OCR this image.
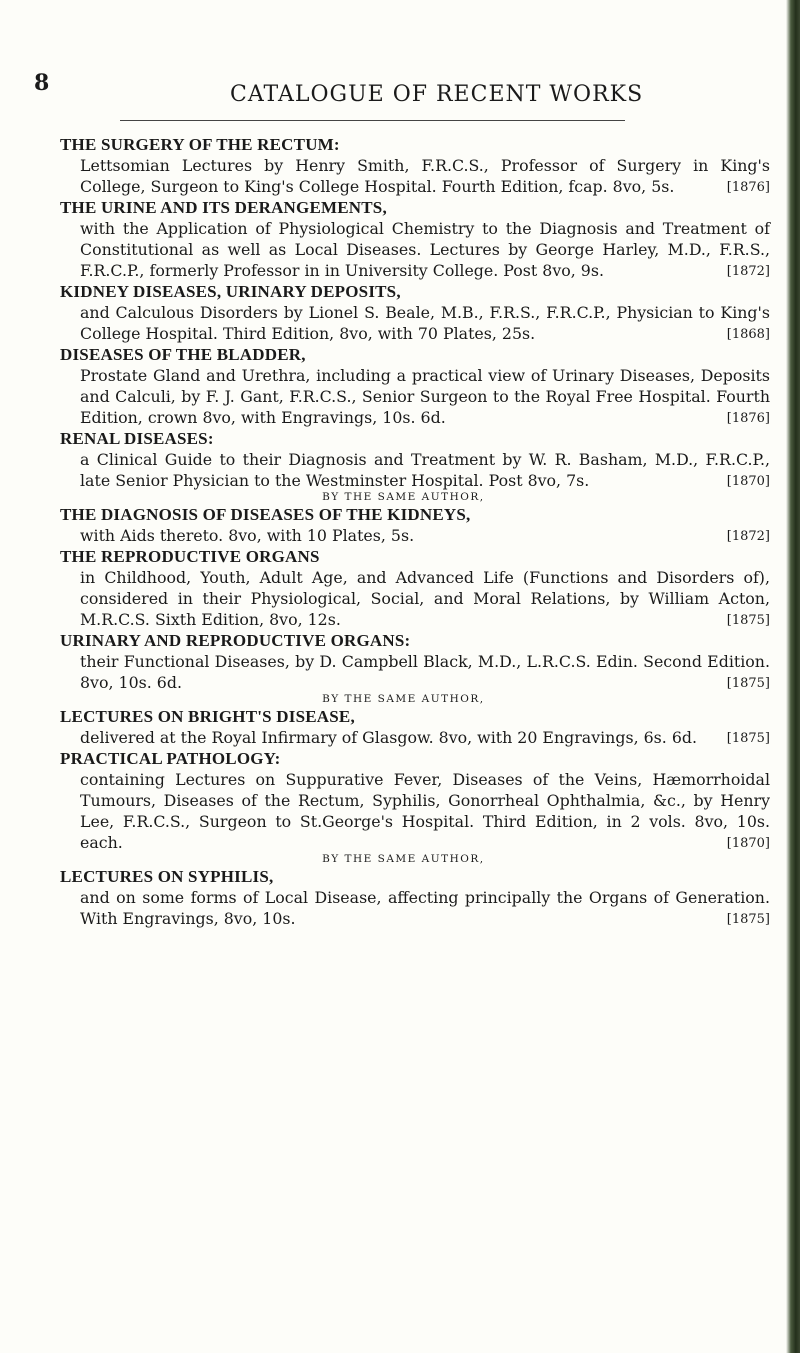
8	CATALOGUE OF RECENT WORKS
THE SURGERY OF THE RECTUM:
Lettsomian Lectures by Henry Smith, F.R.C.S., Professor of Surgery in King's College, Surgeon to King's College Hospital. Fourth Edition, fcap. 8vo, 5s.	[1876]
THE URINE AND ITS DERANGEMENTS,
with the Application of Physiological Chemistry to the Diagnosis and Treatment of Constitutional as well as Local Diseases. Lectures by George Harley, M.D., F.R.S., F.R.C.P., formerly Professor in in University College. Post 8vo, 9s.	[1872]
KIDNEY DISEASES, URINARY DEPOSITS,
and Calculous Disorders by Lionel S. Beale, M.B., F.R.S., F.R.C.P., Physician to King's College Hospital. Third Edition, 8vo, with 70 Plates, 25s.	[1868]
DISEASES OF THE BLADDER,
Prostate Gland and Urethra, including a practical view of Urinary Diseases, Deposits and Calculi, by F. J. Gant, F.R.C.S., Senior Surgeon to the Royal Free Hospital. Fourth Edition, crown 8vo, with Engravings, 10s. 6d.	[1876]
RENAL DISEASES:
a Clinical Guide to their Diagnosis and Treatment by W. R. Basham, M.D., F.R.C.P., late Senior Physician to the Westminster Hospital. Post 8vo, 7s.	[1870]
BY THE SAME AUTHOR,
THE DIAGNOSIS OF DISEASES OF THE KIDNEYS,
with Aids thereto. 8vo, with 10 Plates, 5s.	[1872]
THE REPRODUCTIVE ORGANS
in Childhood, Youth, Adult Age, and Advanced Life (Functions and Disorders of), considered in their Physiological, Social, and Moral Relations, by William Acton, M.R.C.S. Sixth Edition, 8vo, 12s.	[1875]
URINARY AND REPRODUCTIVE ORGANS:
their Functional Diseases, by D. Campbell Black, M.D., L.R.C.S. Edin. Second Edition. 8vo, 10s. 6d.	[1875]
BY THE SAME AUTHOR,
LECTURES ON BRIGHT'S DISEASE,
delivered at the Royal Infirmary of Glasgow. 8vo, with 20 Engravings, 6s. 6d. [1875]
PRACTICAL PATHOLOGY:
containing Lectures on Suppurative Fever, Diseases of the Veins, Hæmorrhoidal Tumours, Diseases of the Rectum, Syphilis, Gonorrheal Ophthalmia, &c., by Henry Lee, F.R.C.S., Surgeon to St.George's Hospital. Third Edition, in 2 vols. 8vo, 10s. each.	[1870]
BY THE SAME AUTHOR,
LECTURES ON SYPHILIS,
and on some forms of Local Disease, affecting principally the Organs of Generation. With Engravings, 8vo, 10s.	[1875]
